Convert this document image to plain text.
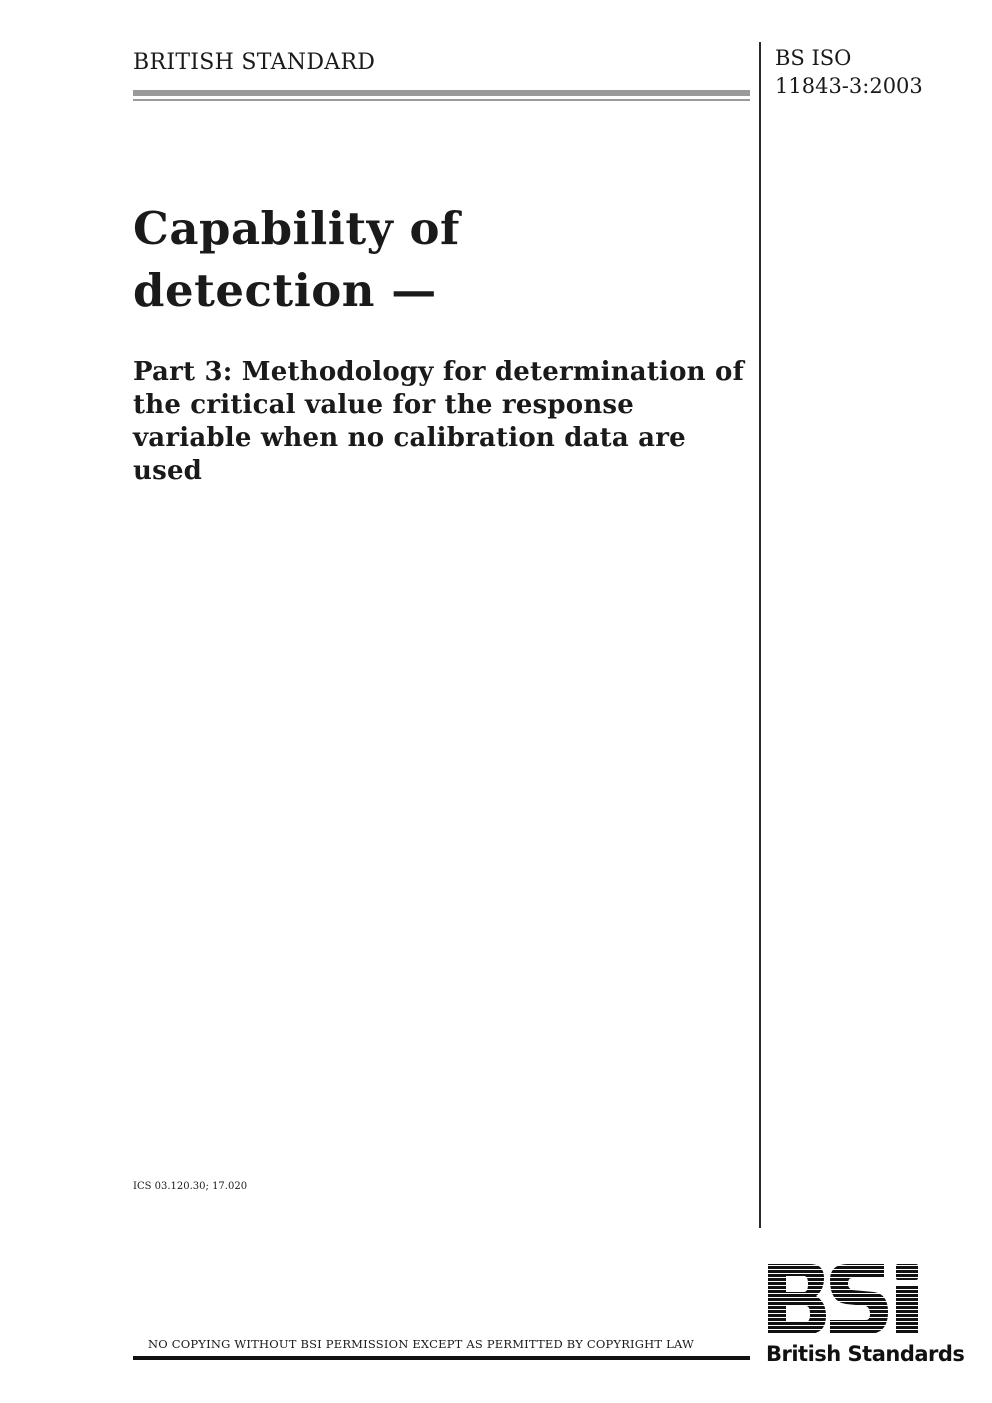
BRITISH STANDARD	BS ISO
11843-3:2003
Capability of
detection —
Part 3: Methodology for determination of the critical value for the response variable when no calibration data are used
ICS 03.120.30; 17.020
British Standards
NO COPYING WITHOUT BSI PERMISSION EXCEPT AS PERMITTED BY COPYRIGHT LAW
